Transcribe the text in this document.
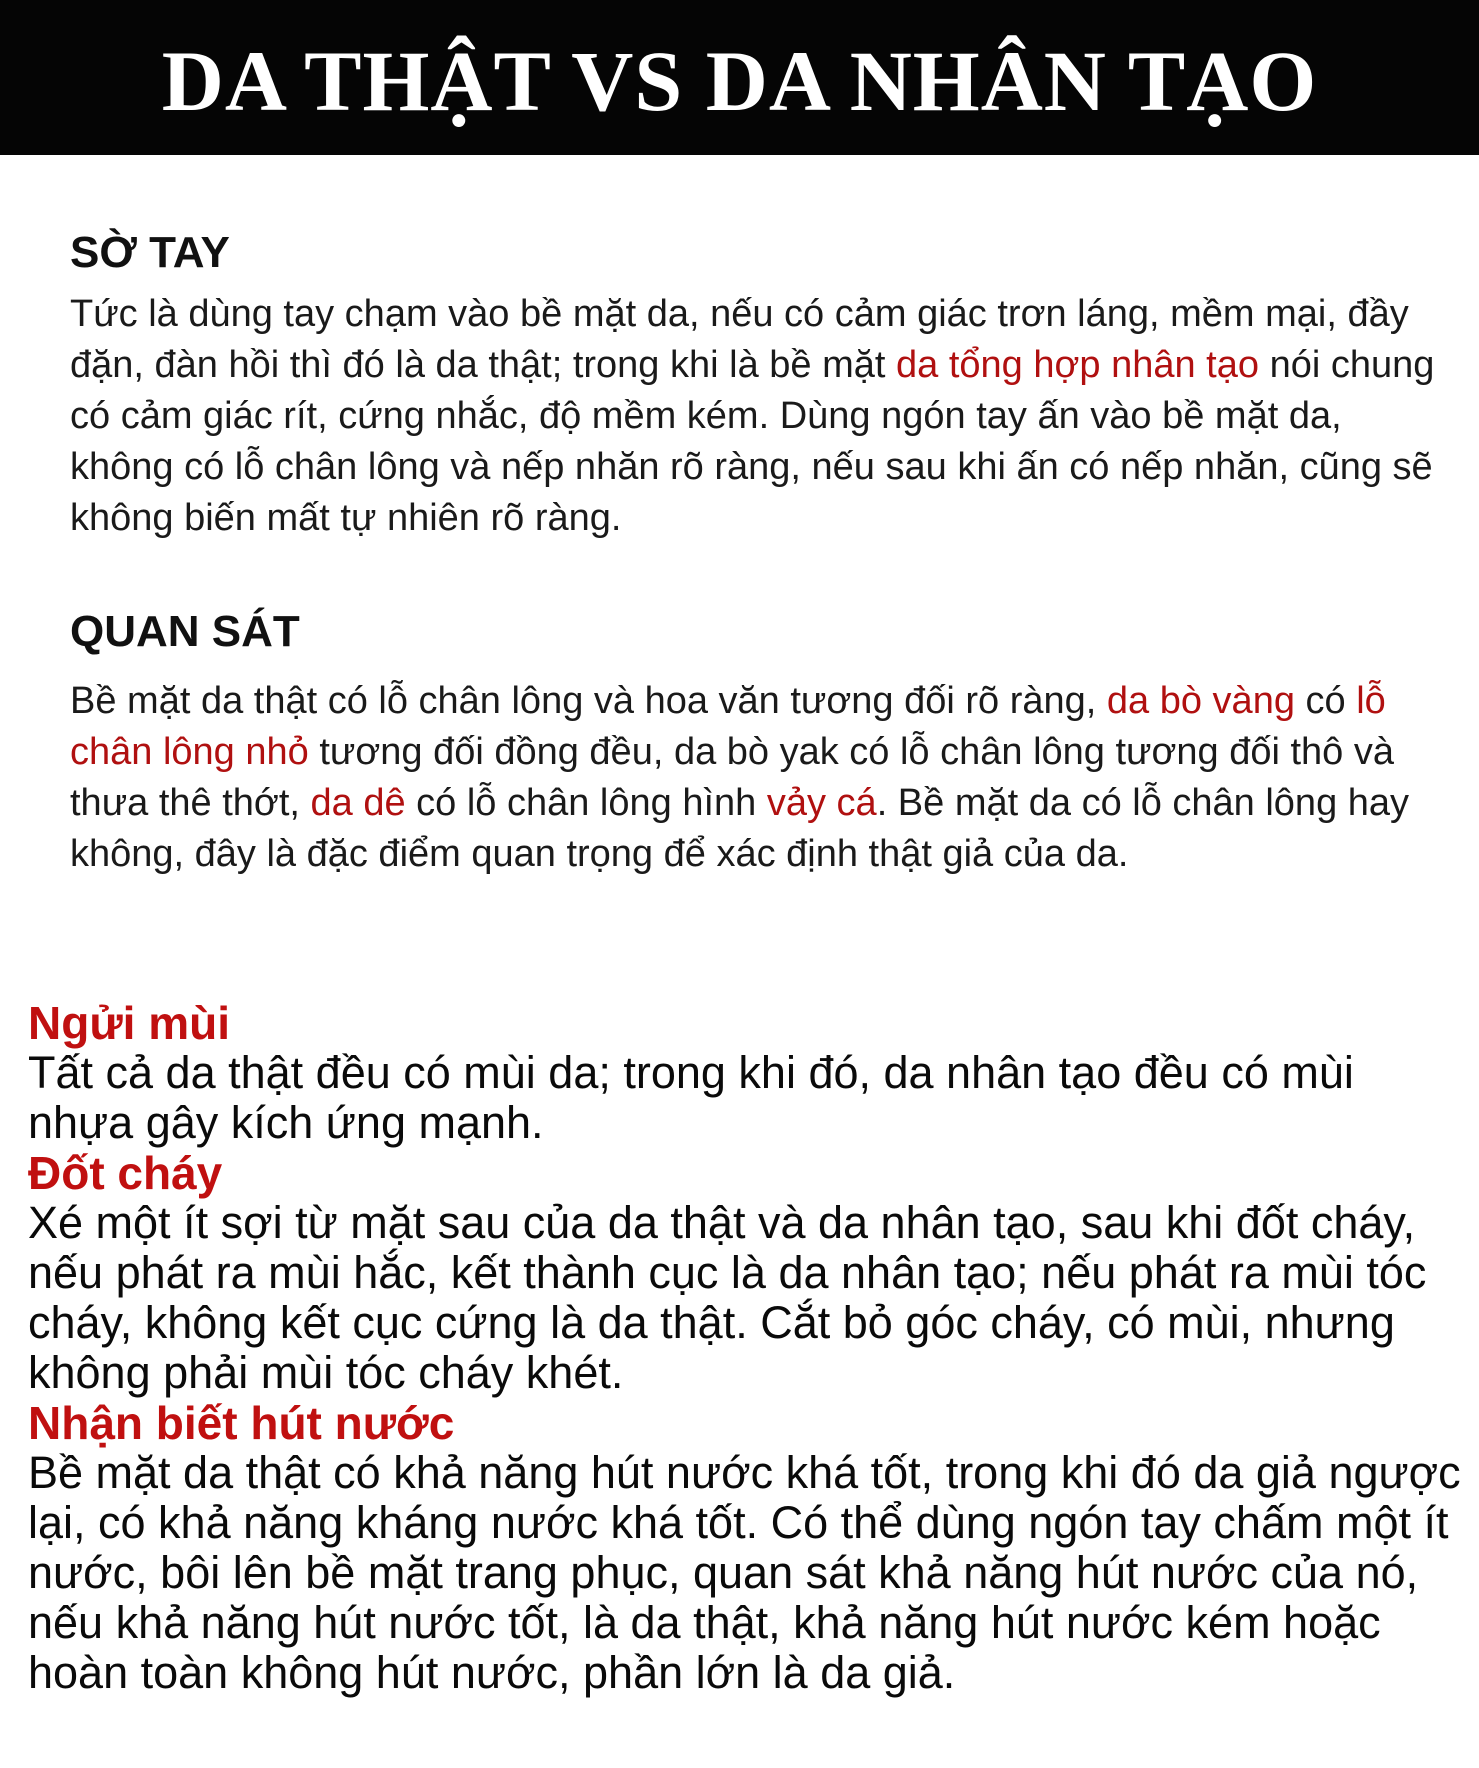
DA THẬT VS DA NHÂN TẠO
SỜ TAY

Tức là dùng tay chạm vào bề mặt da, nếu có cảm giác trơn láng, mềm mại, đầy đặn, đàn hồi thì đó là da thật; trong khi là bề mặt da tổng hợp nhân tạo nói chung có cảm giác rít, cứng nhắc, độ mềm kém. Dùng ngón tay ấn vào bề mặt da, không có lỗ chân lông và nếp nhăn rõ ràng, nếu sau khi ấn có nếp nhăn, cũng sẽ không biến mất tự nhiên rõ ràng.

QUAN SÁT

Bề mặt da thật có lỗ chân lông và hoa văn tương đối rõ ràng, da bò vàng có lỗ chân lông nhỏ tương đối đồng đều, da bò yak có lỗ chân lông tương đối thô và thưa thê thớt, da dê có lỗ chân lông hình vảy cá. Bề mặt da có lỗ chân lông hay không, đây là đặc điểm quan trọng để xác định thật giả của da.

Ngửi mùi

Tất cả da thật đều có mùi da; trong khi đó, da nhân tạo đều có mùi nhựa gây kích ứng mạnh.

Đốt cháy

Xé một ít sợi từ mặt sau của da thật và da nhân tạo, sau khi đốt cháy, nếu phát ra mùi hắc, kết thành cục là da nhân tạo; nếu phát ra mùi tóc cháy, không kết cục cứng là da thật. Cắt bỏ góc cháy, có mùi, nhưng không phải mùi tóc cháy khét.

Nhận biết hút nước

Bề mặt da thật có khả năng hút nước khá tốt, trong khi đó da giả ngược lại, có khả năng kháng nước khá tốt. Có thể dùng ngón tay chấm một ít nước, bôi lên bề mặt trang phục, quan sát khả năng hút nước của nó, nếu khả năng hút nước tốt, là da thật, khả năng hút nước kém hoặc hoàn toàn không hút nước, phần lớn là da giả.
